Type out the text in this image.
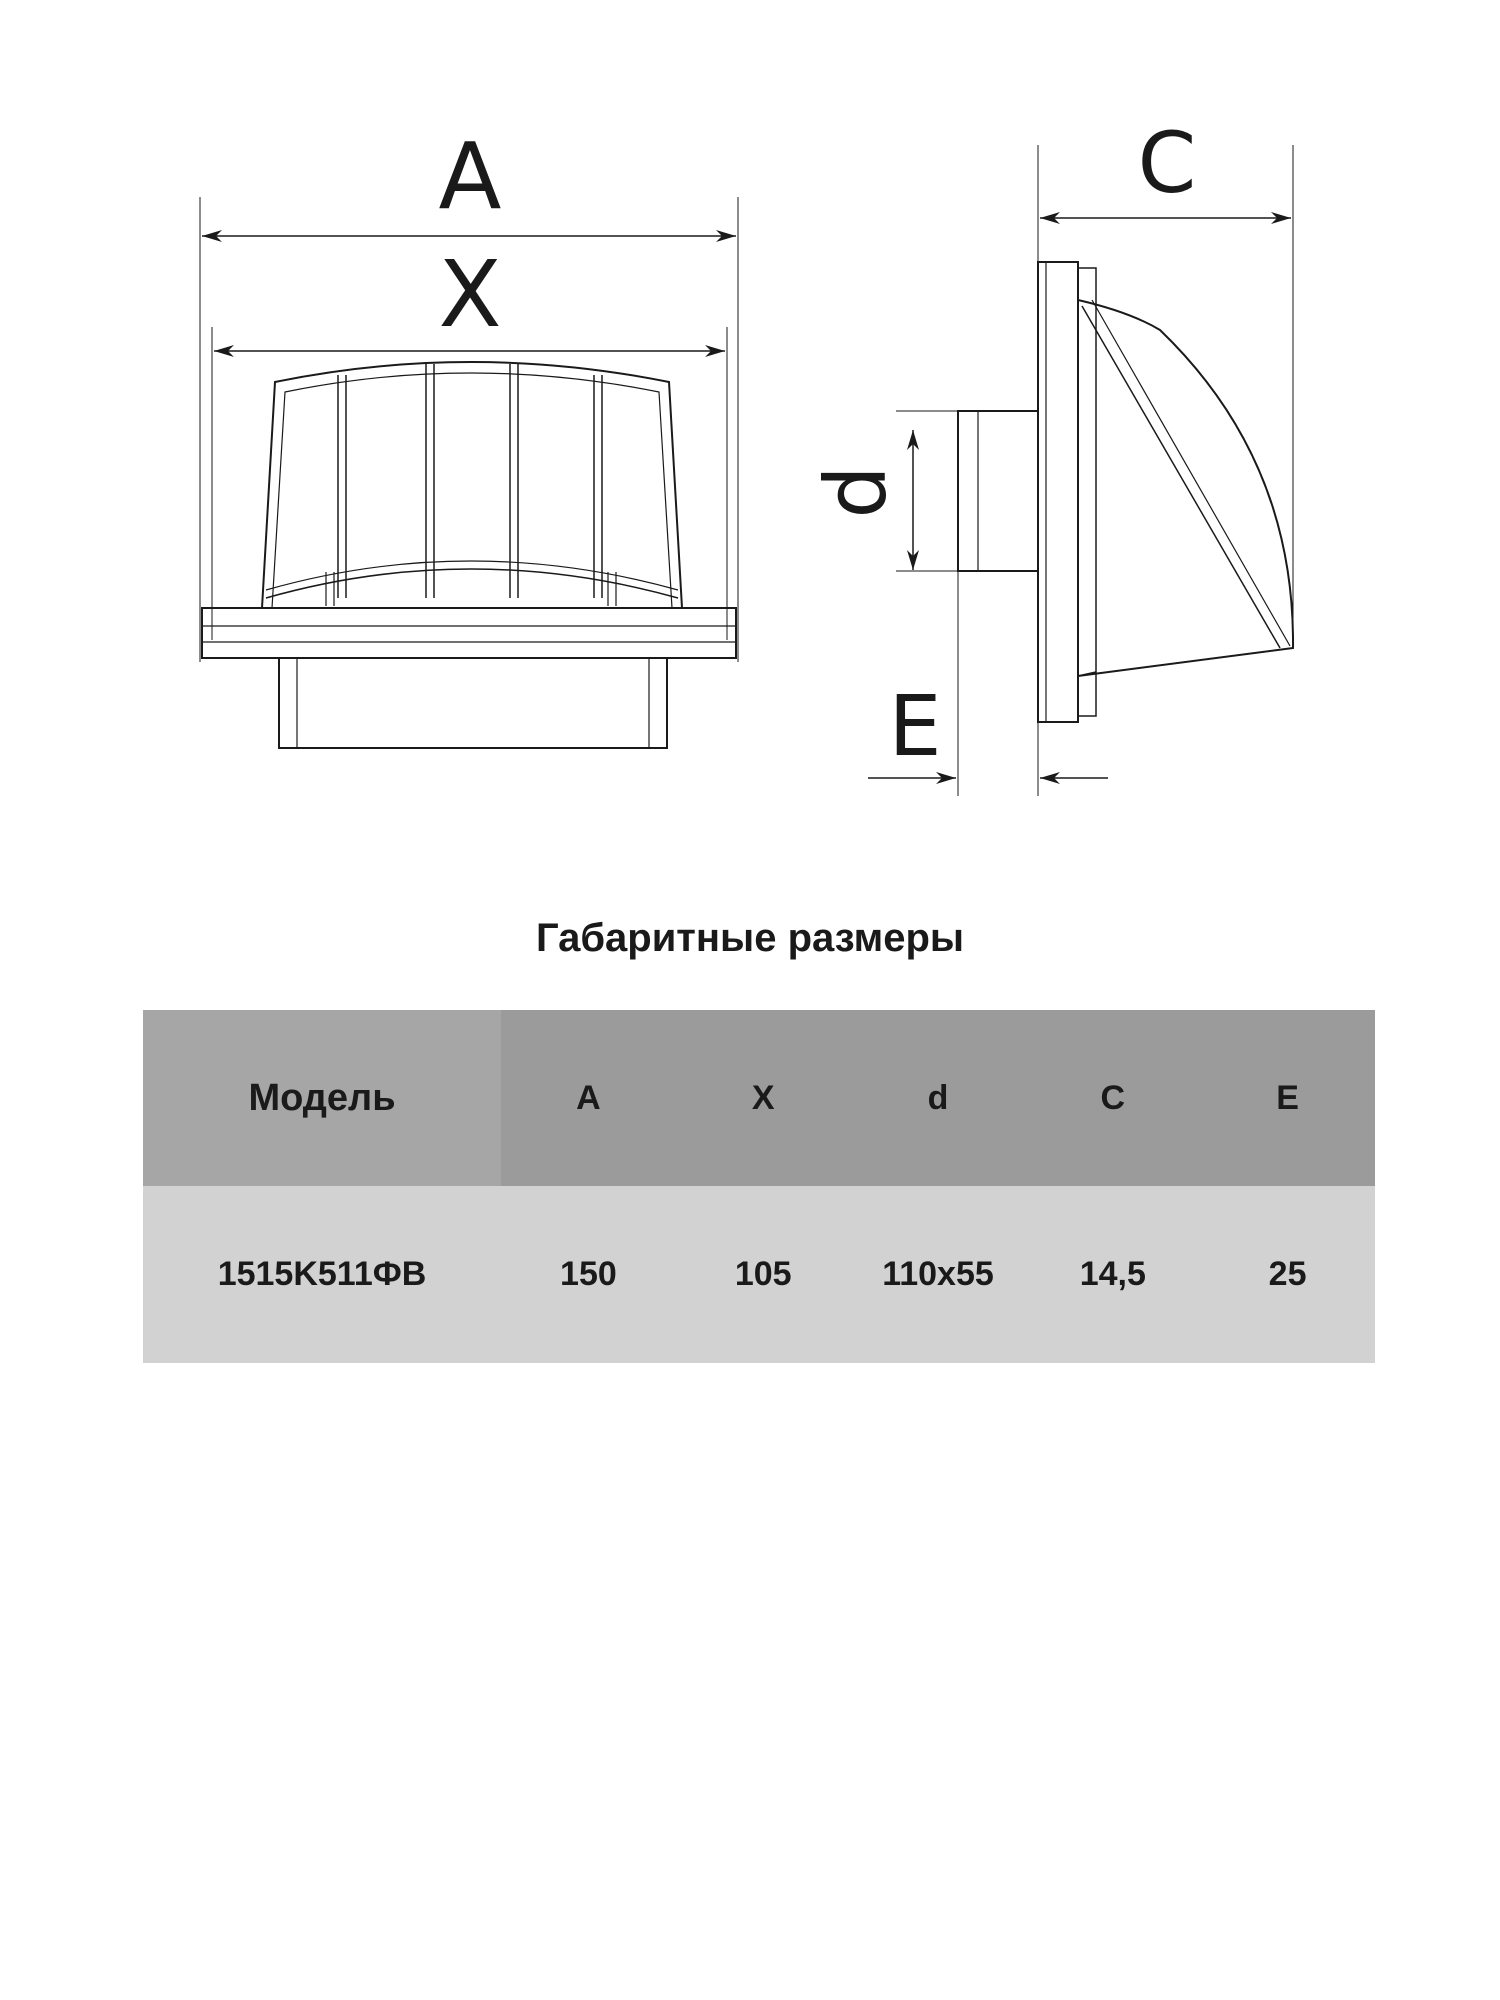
A
X
C
d
E
Габаритные размеры
Модель	A	X	d	C	E
1515K511ФB	150	105	110x55	14,5	25
